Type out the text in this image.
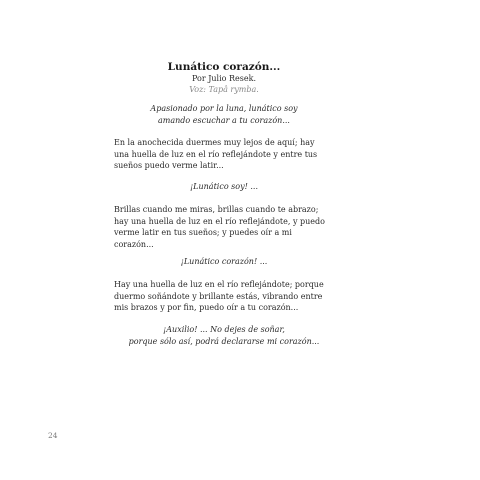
Lunático corazón...
Por Julio Resek.
Voz: Tapâ rymba.
Apasionado por la luna, lunático soy
amando escuchar a tu corazón...
En la anochecida duermes muy lejos de aquí; hay
una huella de luz en el río reflejándote y entre tus
sueños puedo verme latir...
¡Lunático soy! ...
Brillas cuando me miras, brillas cuando te abrazo;
hay una huella de luz en el río reflejándote, y puedo
verme latir en tus sueños; y puedes oír a mi
corazón...
¡Lunático corazón! ...
Hay una huella de luz en el río reflejándote; porque
duermo soñándote y brillante estás, vibrando entre
mis brazos y por fin, puedo oír a tu corazón...
¡Auxilio! ... No dejes de soñar,
porque sólo así, podrá declararse mi corazón...
24
